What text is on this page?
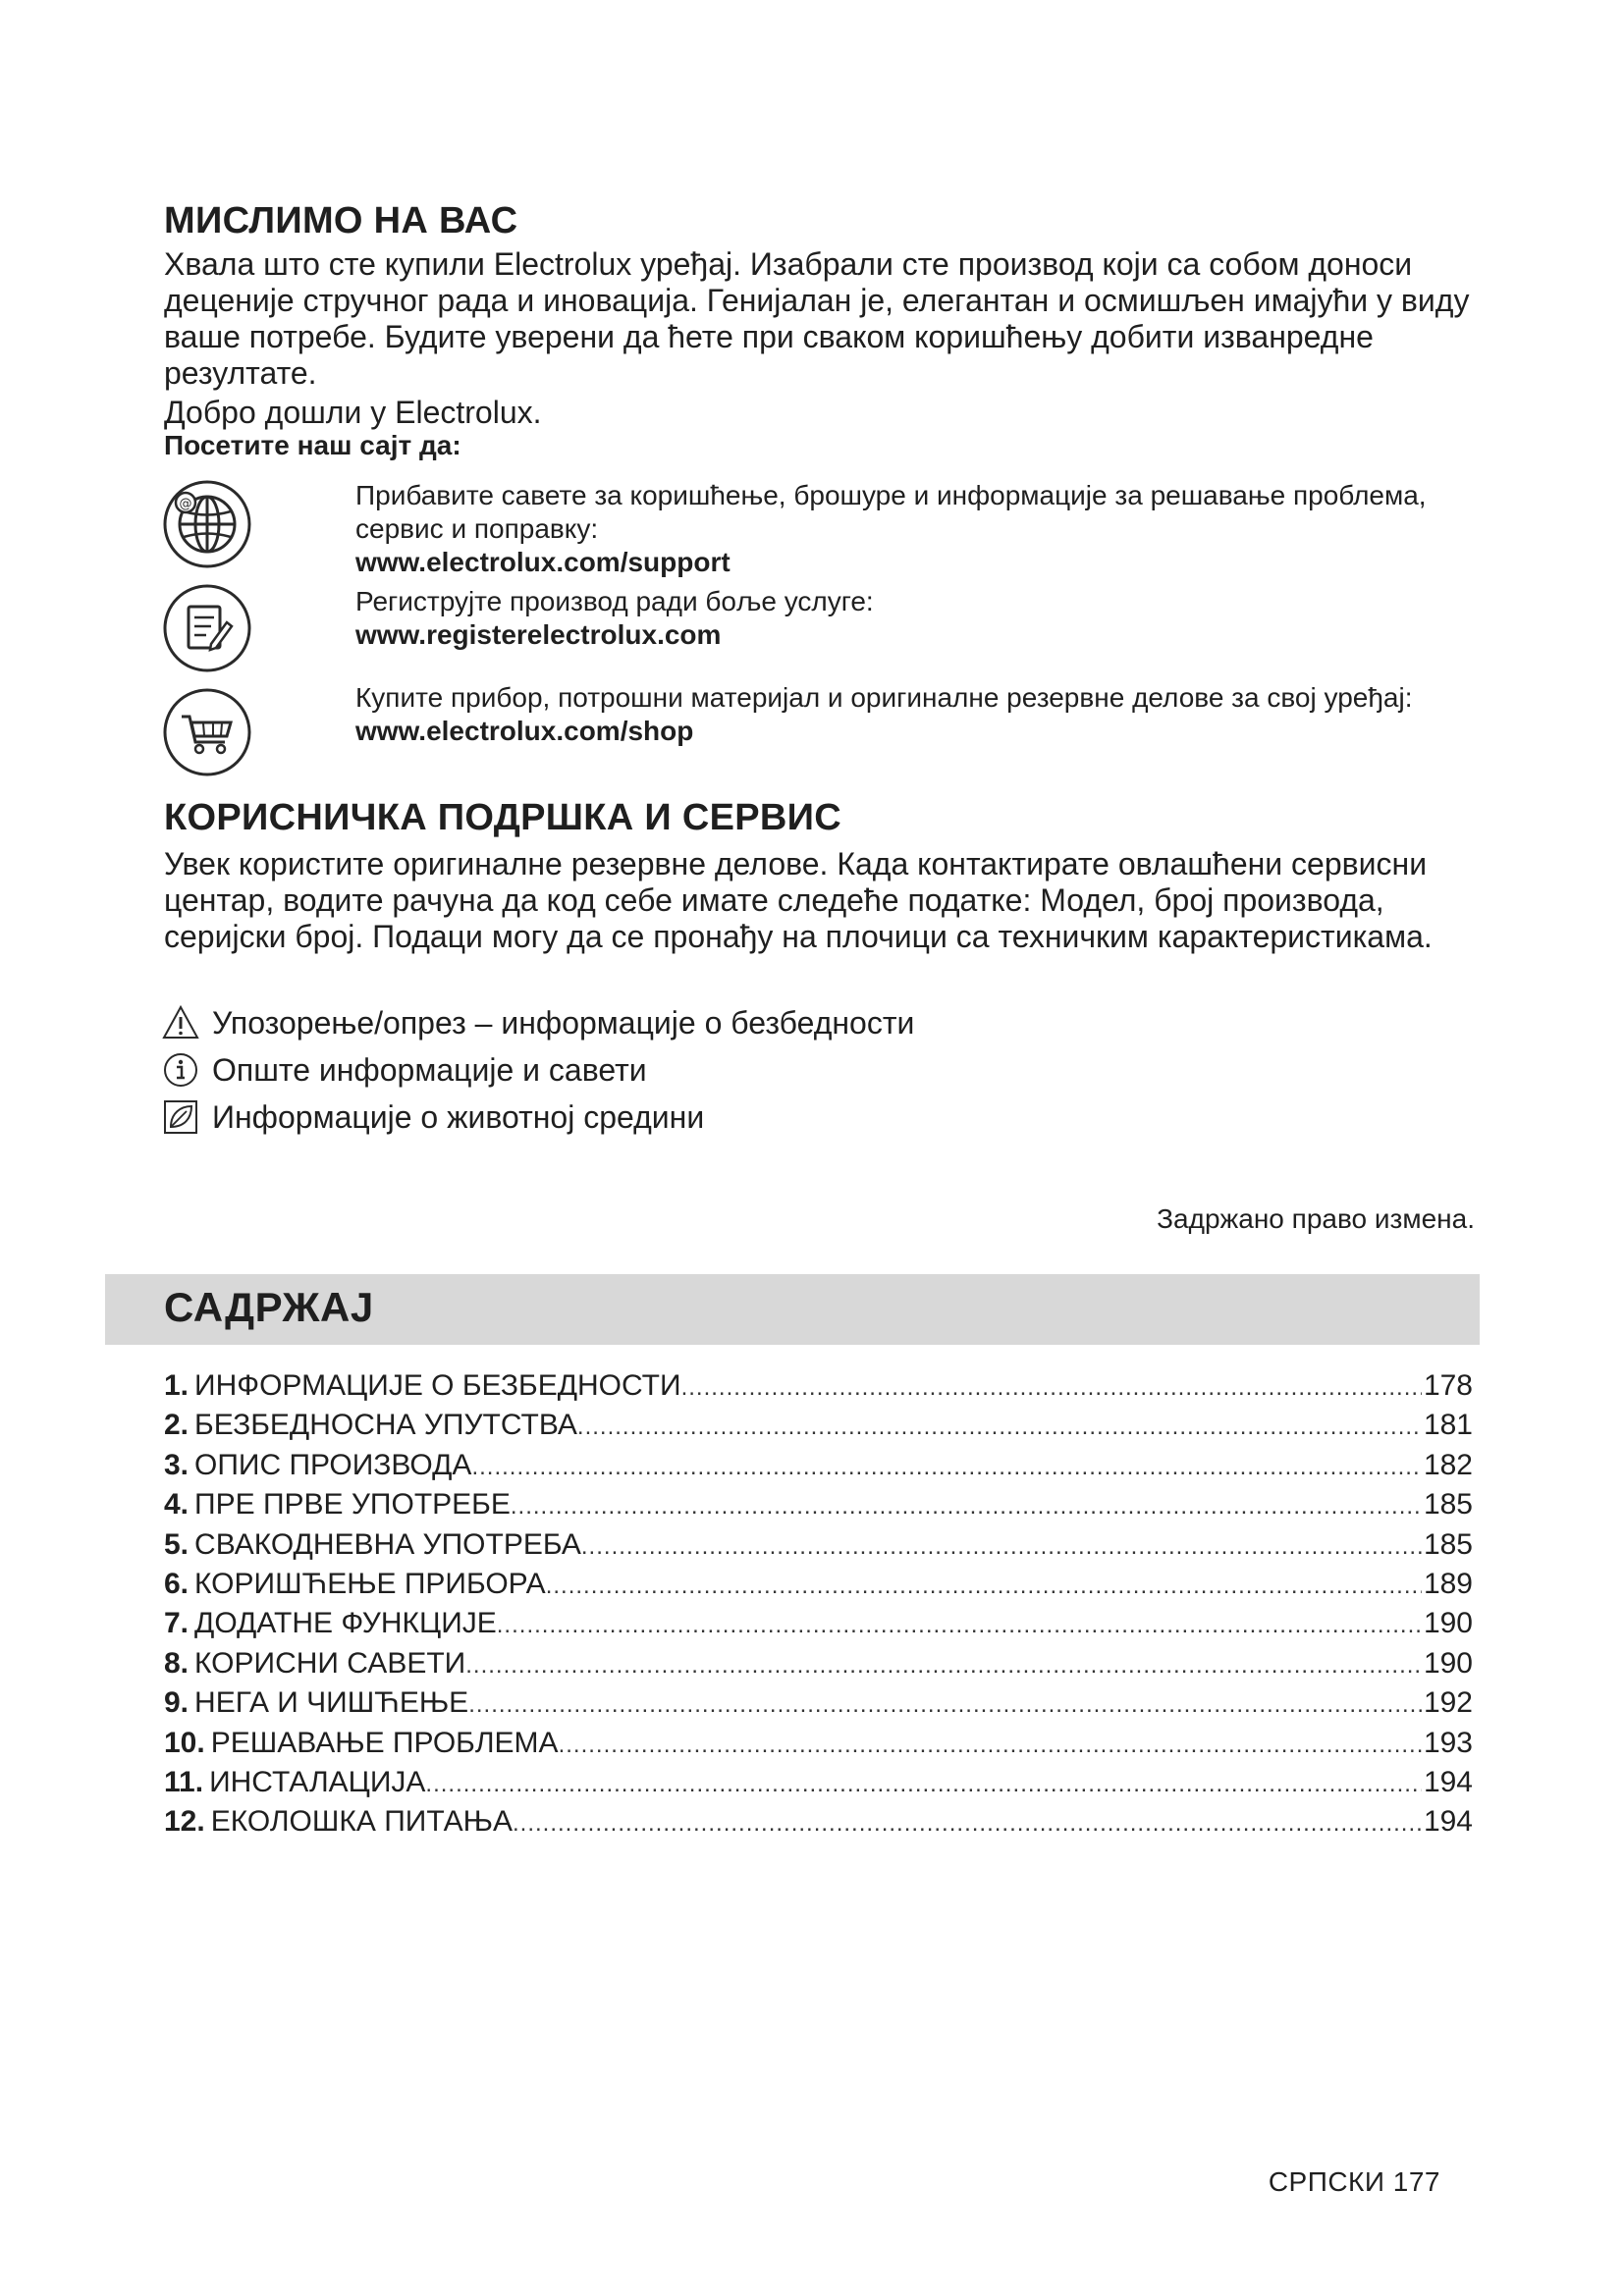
МИСЛИМО НА ВАС

Хвала што сте купили Electrolux уређај. Изабрали сте производ који са собом доноси деценије стручног рада и иновација. Генијалан је, елегантан и осмишљен имајући у виду ваше потребе. Будите уверени да ћете при сваком коришћењу добити изванредне резултате.

Добро дошли у Electrolux.

Посетите наш сајт да:

@	Прибавите савете за коришћење, брошуре и информације за решавање проблема, сервис и поправку:
www.electrolux.com/support

Региструјте производ ради боље услуге:
www.registerelectrolux.com

Купите прибор, потрошни материјал и оригиналне резервне делове за свој уређај:
www.electrolux.com/shop

КОРИСНИЧКА ПОДРШКА И СЕРВИС

Увек користите оригиналне резервне делове. Када контактирате овлашћени сервисни центар, водите рачуна да код себе имате следеће податке: Модел, број производа, серијски број. Подаци могу да се пронађу на плочици са техничким карактеристикама.

Упозорење/опрез – информације о безбедности
Опште информације и савети
Информације о животној средини
Задржано право измена.
САДРЖАЈ
1. ИНФОРМАЦИЈЕ О БЕЗБЕДНОСТИ .....	178
2. БЕЗБЕДНОСНА УПУТСТВА .....	181
3. ОПИС ПРОИЗВОДА .....	182
4. ПРЕ ПРВЕ УПОТРЕБЕ .....	185
5. СВАКОДНЕВНА УПОТРЕБА .....	185
6. КОРИШЋЕЊЕ ПРИБОРА .....	189
7. ДОДАТНЕ ФУНКЦИЈЕ .....	190
8. КОРИСНИ САВЕТИ .....	190
9. НЕГА И ЧИШЋЕЊЕ .....	192
10. РЕШАВАЊЕ ПРОБЛЕМА .....	193
11. ИНСТАЛАЦИЈА .....	194
12. ЕКОЛОШКА ПИТАЊА .....	194
СРПСКИ 177
